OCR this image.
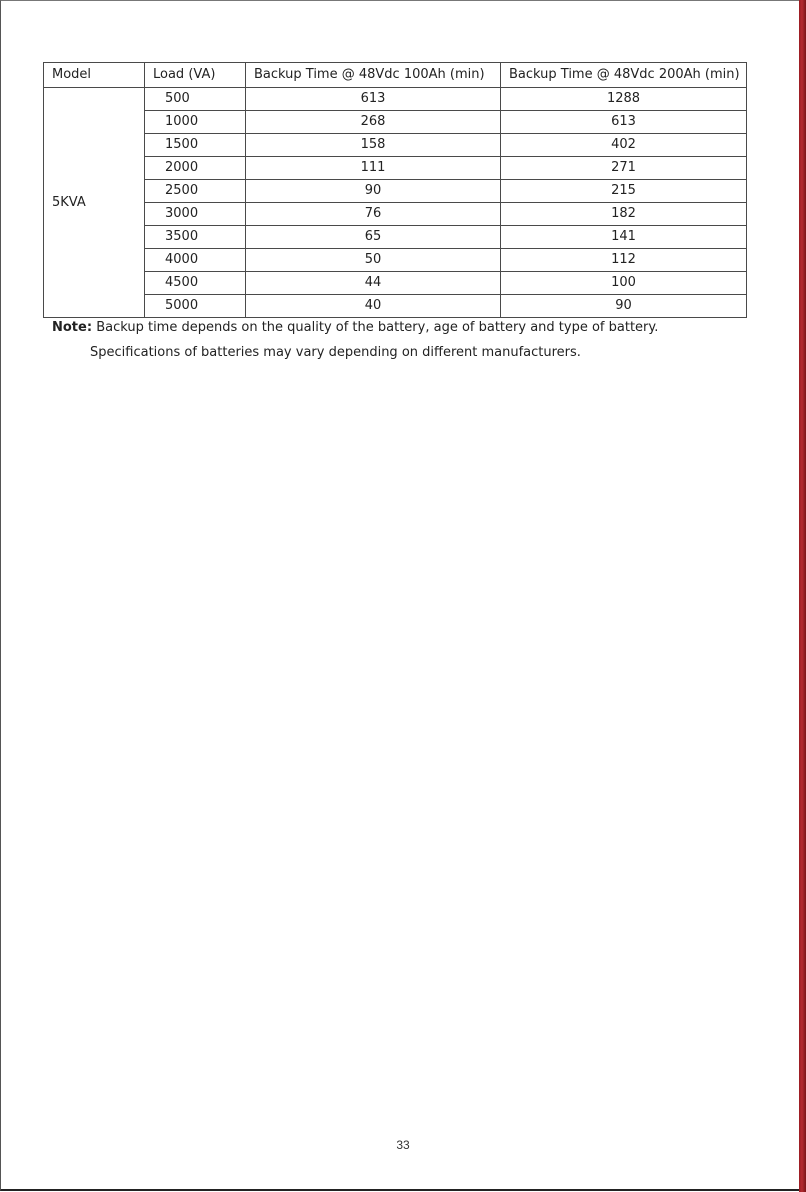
Model	Load (VA)	Backup Time @ 48Vdc 100Ah (min)	Backup Time @ 48Vdc 200Ah (min)
5KVA	500	613	1288
	1000	268	613
	1500	158	402
	2000	111	271
	2500	90	215
	3000	76	182
	3500	65	141
	4000	50	112
	4500	44	100
	5000	40	90
Note: Backup time depends on the quality of the battery, age of battery and type of battery.
Specifications of batteries may vary depending on different manufacturers.
33
